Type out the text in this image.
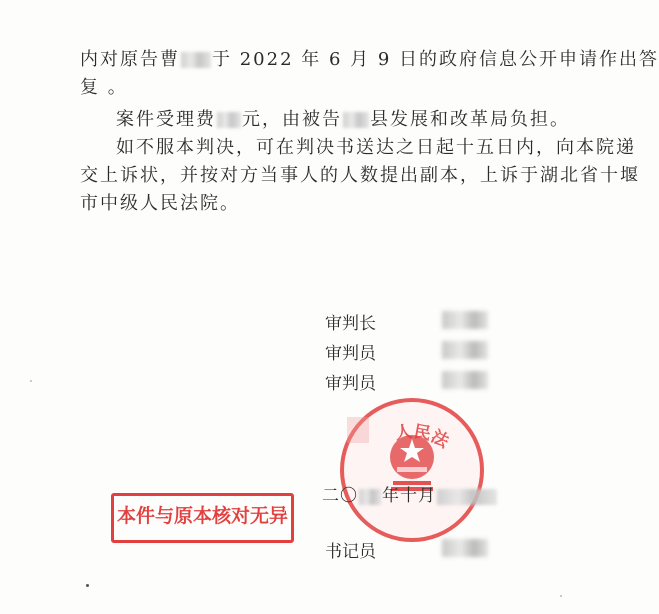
内对原告曹 于 2022 年 6 月 9 日的政府信息公开申请作出答
复 。
案件受理费 元，由被告 县发展和改革局负担。
如不服本判决，可在判决书送达之日起十五日内，向本院递
交上诉状，并按对方当事人的人数提出副本，上诉于湖北省十堰
市中级人民法院。
人民法
审判长
审判员
审判员
二〇 年十月
书记员
本件与原本核对无异
